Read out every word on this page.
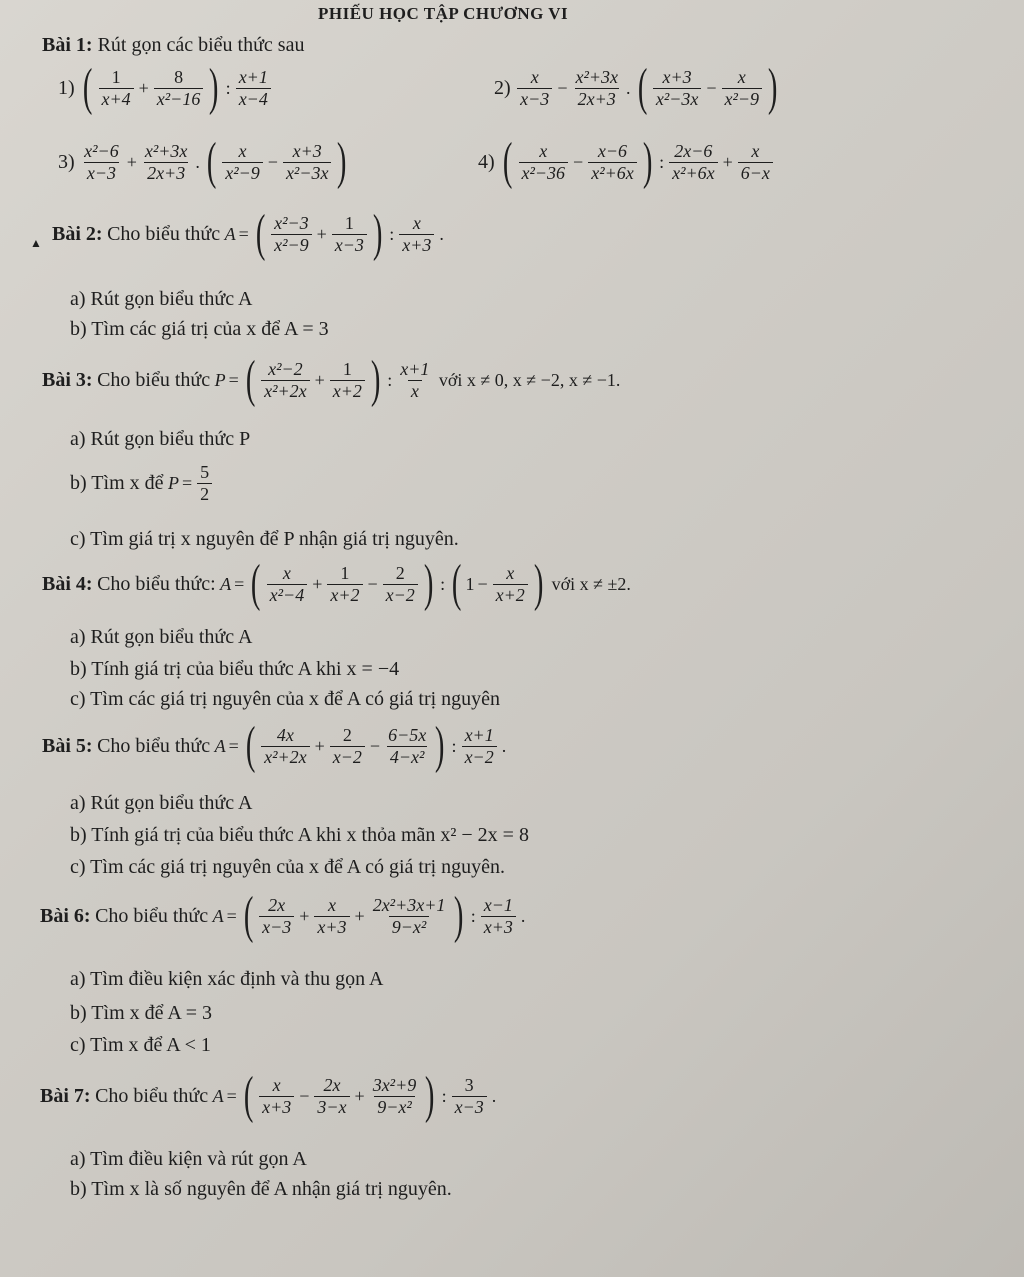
PHIẾU HỌC TẬP CHƯƠNG VI
Bài 1: Rút gọn các biểu thức sau
1)
( $\frac{1}{x+4} + \frac{8}{\text{x²−16}}$ ) : $\frac{x+1}{x-4}$	2)
$\frac{x}{x-3} - \frac{\text{x²+3x}}{2x+3}$ . ( $\frac{x+3}{\text{x²−3x}} - \frac{x}{\text{x²−9}}$ )
3)
$\frac{\text{x²−6}}{x-3} + \frac{\text{x²+3x}}{2x+3}$ . ( $\frac{x}{\text{x²−9}} - \frac{x+3}{\text{x²−3x}}$ )	4)
( $\frac{x}{\text{x²−36}} - \frac{x-6}{\text{x²+6x}}$ ) : $\frac{2x-6}{\text{x²+6x}} + \frac{x}{6-x}$
▲ Bài 2:
Cho biểu thức
A = ( $\frac{\text{x²−3}}{\text{x²−9}} + \frac{1}{x-3}$ ) : $\frac{x}{x+3}$ .
a) Rút gọn biểu thức A
b) Tìm các giá trị của x để A = 3
Bài 3:
Cho biểu thức
P = ( $\frac{\text{x²−2}}{\text{x²+2x}} + \frac{1}{x+2}$ ) : $\frac{x+1}{x}$
với x ≠ 0, x ≠ −2, x ≠ −1.
a) Rút gọn biểu thức P
b) Tìm x để
$P = \frac{5}{2}$
c) Tìm giá trị x nguyên để P nhận giá trị nguyên.
Bài 4:
Cho biểu thức:
A = ( $\frac{x}{\text{x²−4}} + \frac{1}{x+2} - \frac{2}{x-2}$ ) : ( $1 - \frac{x}{x+2}$ )
với x ≠ ±2.
a) Rút gọn biểu thức A
b) Tính giá trị của biểu thức A khi x = −4
c) Tìm các giá trị nguyên của x để A có giá trị nguyên
Bài 5:
Cho biểu thức
A = ( $\frac{4x}{\text{x²+2x}} + \frac{2}{x-2} - \frac{6-5x}{\text{4−x²}}$ ) : $\frac{x+1}{x-2}$ .
a) Rút gọn biểu thức A
b) Tính giá trị của biểu thức A khi x thỏa mãn x² − 2x = 8
c) Tìm các giá trị nguyên của x để A có giá trị nguyên.
Bài 6:
Cho biểu thức
A = ( $\frac{2x}{x-3} + \frac{x}{x+3} + \frac{\text{2x²+3x+1}}{\text{9−x²}}$ ) : $\frac{x-1}{x+3}$ .
a) Tìm điều kiện xác định và thu gọn A
b) Tìm x để A = 3
c) Tìm x để A < 1
Bài 7:
Cho biểu thức
A = ( $\frac{x}{x+3} - \frac{2x}{3-x} + \frac{\text{3x²+9}}{\text{9−x²}}$ ) : $\frac{3}{x-3}$ .
a) Tìm điều kiện và rút gọn A
b) Tìm x là số nguyên để A nhận giá trị nguyên.
